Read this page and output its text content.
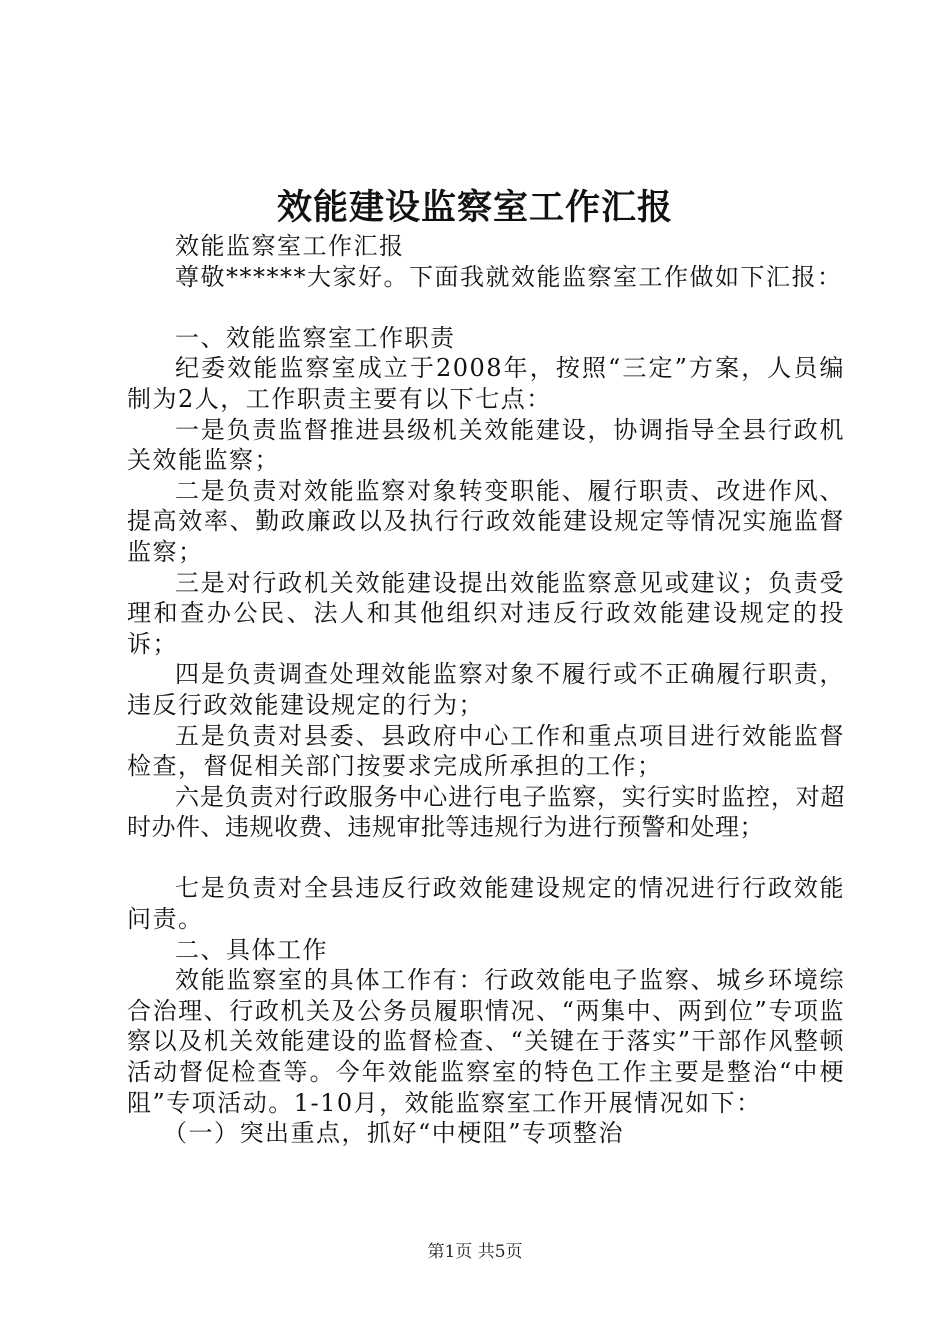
效能建设监察室工作汇报

效能监察室工作汇报

尊敬******大家好。下面我就效能监察室工作做如下汇报：

一、效能监察室工作职责

纪委效能监察室成立于2008年，按照“三定”方案，人员编制为2人，工作职责主要有以下七点：

一是负责监督推进县级机关效能建设，协调指导全县行政机关效能监察；

二是负责对效能监察对象转变职能、履行职责、改进作风、提高效率、勤政廉政以及执行行政效能建设规定等情况实施监督监察；

三是对行政机关效能建设提出效能监察意见或建议；负责受理和查办公民、法人和其他组织对违反行政效能建设规定的投诉；

四是负责调查处理效能监察对象不履行或不正确履行职责，违反行政效能建设规定的行为；

五是负责对县委、县政府中心工作和重点项目进行效能监督检查，督促相关部门按要求完成所承担的工作；

六是负责对行政服务中心进行电子监察，实行实时监控，对超时办件、违规收费、违规审批等违规行为进行预警和处理；

七是负责对全县违反行政效能建设规定的情况进行行政效能问责。

二、具体工作

效能监察室的具体工作有：行政效能电子监察、城乡环境综合治理、行政机关及公务员履职情况、“两集中、两到位”专项监察以及机关效能建设的监督检查、“关键在于落实”干部作风整顿活动督促检查等。今年效能监察室的特色工作主要是整治“中梗阻”专项活动。1-10月，效能监察室工作开展情况如下：

（一）突出重点，抓好“中梗阻”专项整治

第1页 共5页
